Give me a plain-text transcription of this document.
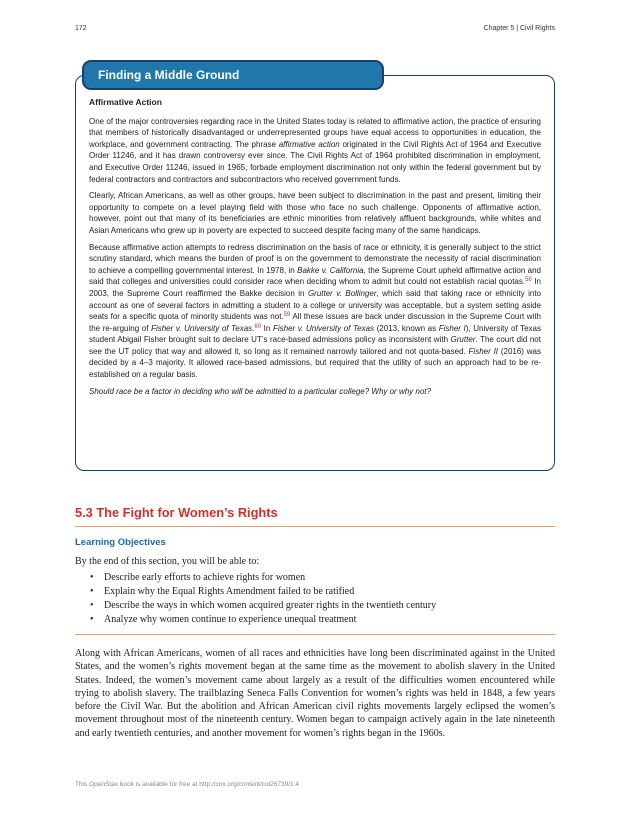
172	Chapter 5 | Civil Rights
Finding a Middle Ground
Affirmative Action

One of the major controversies regarding race in the United States today is related to affirmative action, the practice of ensuring that members of historically disadvantaged or underrepresented groups have equal access to opportunities in education, the workplace, and government contracting. The phrase affirmative action originated in the Civil Rights Act of 1964 and Executive Order 11246, and it has drawn controversy ever since. The Civil Rights Act of 1964 prohibited discrimination in employment, and Executive Order 11246, issued in 1965, forbade employment discrimination not only within the federal government but by federal contractors and contractors and subcontractors who received government funds.

Clearly, African Americans, as well as other groups, have been subject to discrimination in the past and present, limiting their opportunity to compete on a level playing field with those who face no such challenge. Opponents of affirmative action, however, point out that many of its beneficiaries are ethnic minorities from relatively affluent backgrounds, while whites and Asian Americans who grew up in poverty are expected to succeed despite facing many of the same handicaps.

Because affirmative action attempts to redress discrimination on the basis of race or ethnicity, it is generally subject to the strict scrutiny standard, which means the burden of proof is on the government to demonstrate the necessity of racial discrimination to achieve a compelling governmental interest. In 1978, in Bakke v. California, the Supreme Court upheld affirmative action and said that colleges and universities could consider race when deciding whom to admit but could not establish racial quotas.$^{58}$ In 2003, the Supreme Court reaffirmed the Bakke decision in Grutter v. Bollinger, which said that taking race or ethnicity into account as one of several factors in admitting a student to a college or university was acceptable, but a system setting aside seats for a specific quota of minority students was not.$^{59}$ All these issues are back under discussion in the Supreme Court with the re-arguing of Fisher v. University of Texas.$^{60}$ In Fisher v. University of Texas (2013, known as Fisher I), University of Texas student Abigail Fisher brought suit to declare UT’s race-based admissions policy as inconsistent with Grutter. The court did not see the UT policy that way and allowed it, so long as it remained narrowly tailored and not quota-based. Fisher II (2016) was decided by a 4–3 majority. It allowed race-based admissions, but required that the utility of such an approach had to be re-established on a regular basis.

Should race be a factor in deciding who will be admitted to a particular college? Why or why not?

5.3 The Fight for Women’s Rights
Learning Objectives
By the end of this section, you will be able to:
• Describe early efforts to achieve rights for women
• Explain why the Equal Rights Amendment failed to be ratified
• Describe the ways in which women acquired greater rights in the twentieth century
• Analyze why women continue to experience unequal treatment

Along with African Americans, women of all races and ethnicities have long been discriminated against in the United States, and the women’s rights movement began at the same time as the movement to abolish slavery in the United States. Indeed, the women’s movement came about largely as a result of the difficulties women encountered while trying to abolish slavery. The trailblazing Seneca Falls Convention for women’s rights was held in 1848, a few years before the Civil War. But the abolition and African American civil rights movements largely eclipsed the women’s movement throughout most of the nineteenth century. Women began to campaign actively again in the late nineteenth and early twentieth centuries, and another movement for women’s rights began in the 1960s.

This OpenStax book is available for free at http://cnx.org/content/col26739/1.4
